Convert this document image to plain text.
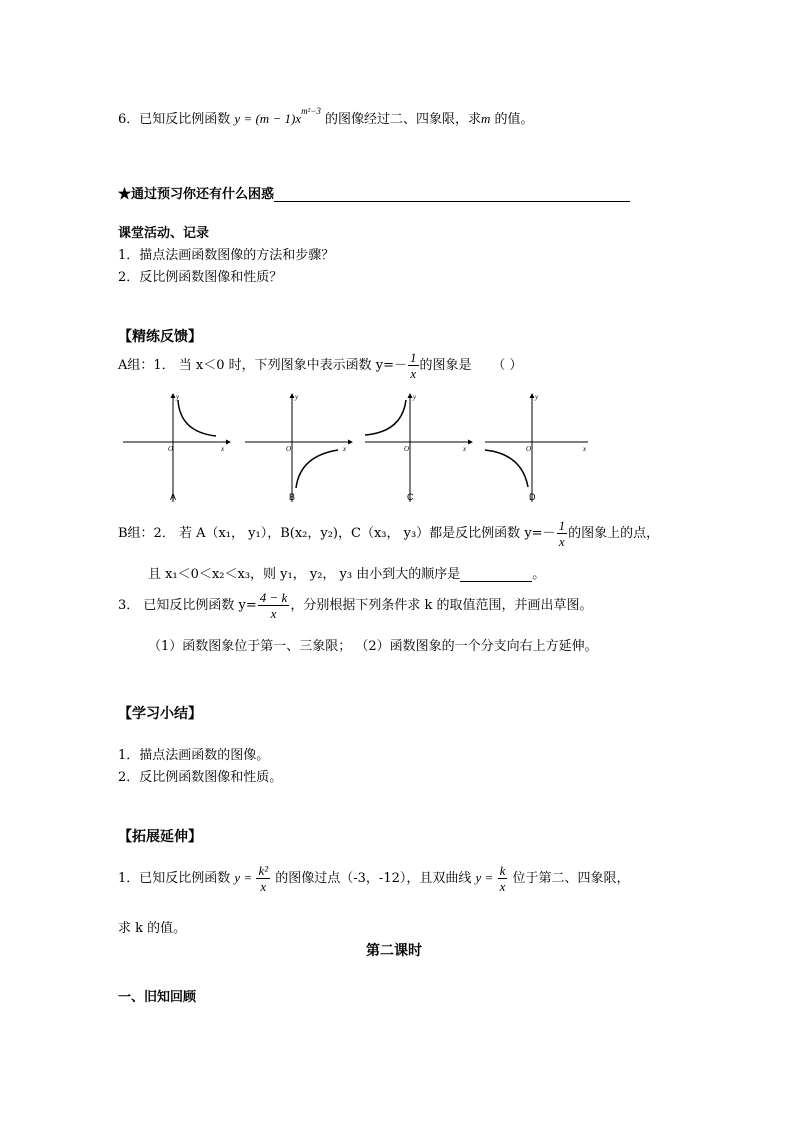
6．已知反比例函数 $y = (m - 1)x^{m^2-3}$ 的图像经过二、四象限，求m 的值。
★通过预习你还有什么困惑
课堂活动、记录
1．描点法画函数图像的方法和步骤？
2．反比例函数图像和性质？
【精练反馈】
A组：1． 当 x＜0 时，下列图象中表示函数 $y=- \frac{1}{x}$ 的图象是 （ ）
O
y
x
A
O
y
x
B
O
y
x
C
O
y
x
D
B组：2． 若 A（x₁， y₁），B(x₂，y₂)，C（x₃， y₃）都是反比例函数 $y=- \frac{1}{x}$ 的图象上的点，
且 x₁＜0＜x₂＜x₃，则 y₁， y₂， y₃ 由小到大的顺序是	。
3． 已知反比例函数 $y= \frac{4 - k}{x}$ ，分别根据下列条件求 k 的取值范围，并画出草图。
（1）函数图象位于第一、三象限； （2）函数图象的一个分支向右上方延伸。
【学习小结】
1．描点法画函数的图像。
2．反比例函数图像和性质。
【拓展延伸】
1．已知反比例函数 $y = \frac{\text{k²}}{x}$ 的图像过点（-3，-12），且双曲线 $y = \frac{k}{x}$ 位于第二、四象限，
求 k 的值。
第二课时
一、旧知回顾
